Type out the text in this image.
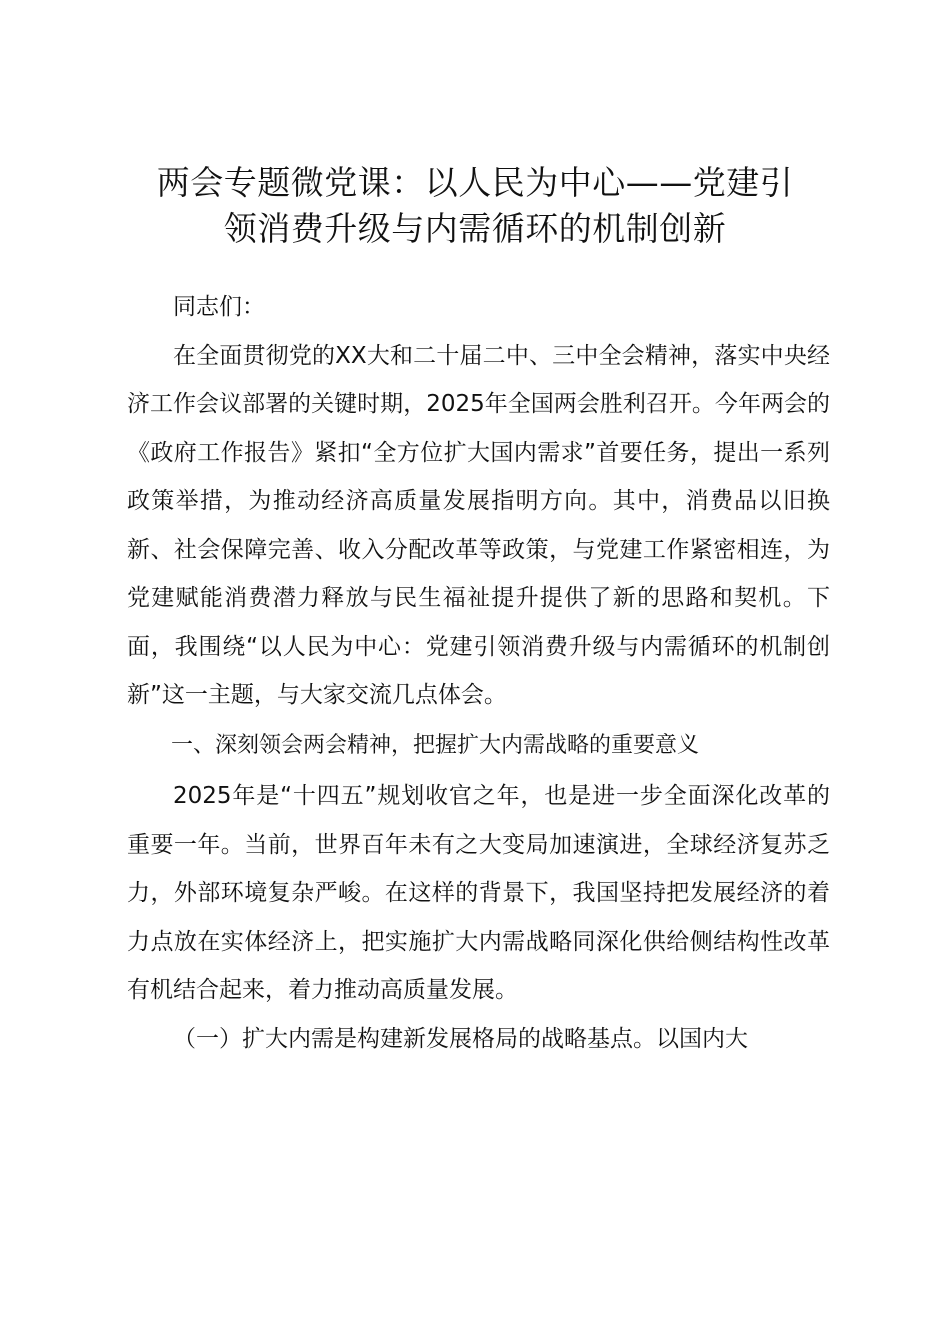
两会专题微党课：以人民为中心——党建引
领消费升级与内需循环的机制创新

同志们：

在全面贯彻党的XX大和二十届二中、三中全会精神，落实中央经济工作会议部署的关键时期，2025年全国两会胜利召开。今年两会的《政府工作报告》紧扣“全方位扩大国内需求”首要任务，提出一系列政策举措，为推动经济高质量发展指明方向。其中，消费品以旧换新、社会保障完善、收入分配改革等政策，与党建工作紧密相连，为党建赋能消费潜力释放与民生福祉提升提供了新的思路和契机。下面，我围绕“以人民为中心：党建引领消费升级与内需循环的机制创新”这一主题，与大家交流几点体会。

一、深刻领会两会精神，把握扩大内需战略的重要意义

2025年是“十四五”规划收官之年，也是进一步全面深化改革的重要一年。当前，世界百年未有之大变局加速演进，全球经济复苏乏力，外部环境复杂严峻。在这样的背景下，我国坚持把发展经济的着力点放在实体经济上，把实施扩大内需战略同深化供给侧结构性改革有机结合起来，着力推动高质量发展。

（一）扩大内需是构建新发展格局的战略基点。以国内大
